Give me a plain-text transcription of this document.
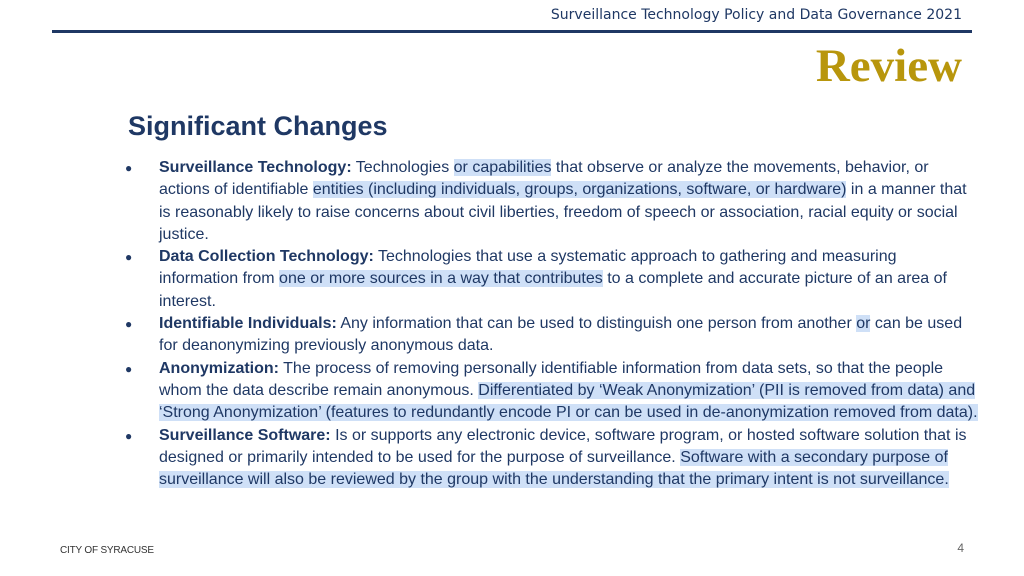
Surveillance Technology Policy and Data Governance 2021
Review
Significant Changes
● Surveillance Technology: Technologies or capabilities that observe or analyze the movements, behavior, or actions of identifiable entities (including individuals, groups, organizations, software, or hardware) in a manner that is reasonably likely to raise concerns about civil liberties, freedom of speech or association, racial equity or social justice.
● Data Collection Technology: Technologies that use a systematic approach to gathering and measuring information from one or more sources in a way that contributes to a complete and accurate picture of an area of interest.
● Identifiable Individuals: Any information that can be used to distinguish one person from another or can be used for deanonymizing previously anonymous data.
● Anonymization: The process of removing personally identifiable information from data sets, so that the people whom the data describe remain anonymous. Differentiated by ‘Weak Anonymization’ (PII is removed from data) and ‘Strong Anonymization’ (features to redundantly encode PI or can be used in de-anonymization removed from data).
● Surveillance Software: Is or supports any electronic device, software program, or hosted software solution that is designed or primarily intended to be used for the purpose of surveillance. Software with a secondary purpose of surveillance will also be reviewed by the group with the understanding that the primary intent is not surveillance.
CITY OF SYRACUSE	4
